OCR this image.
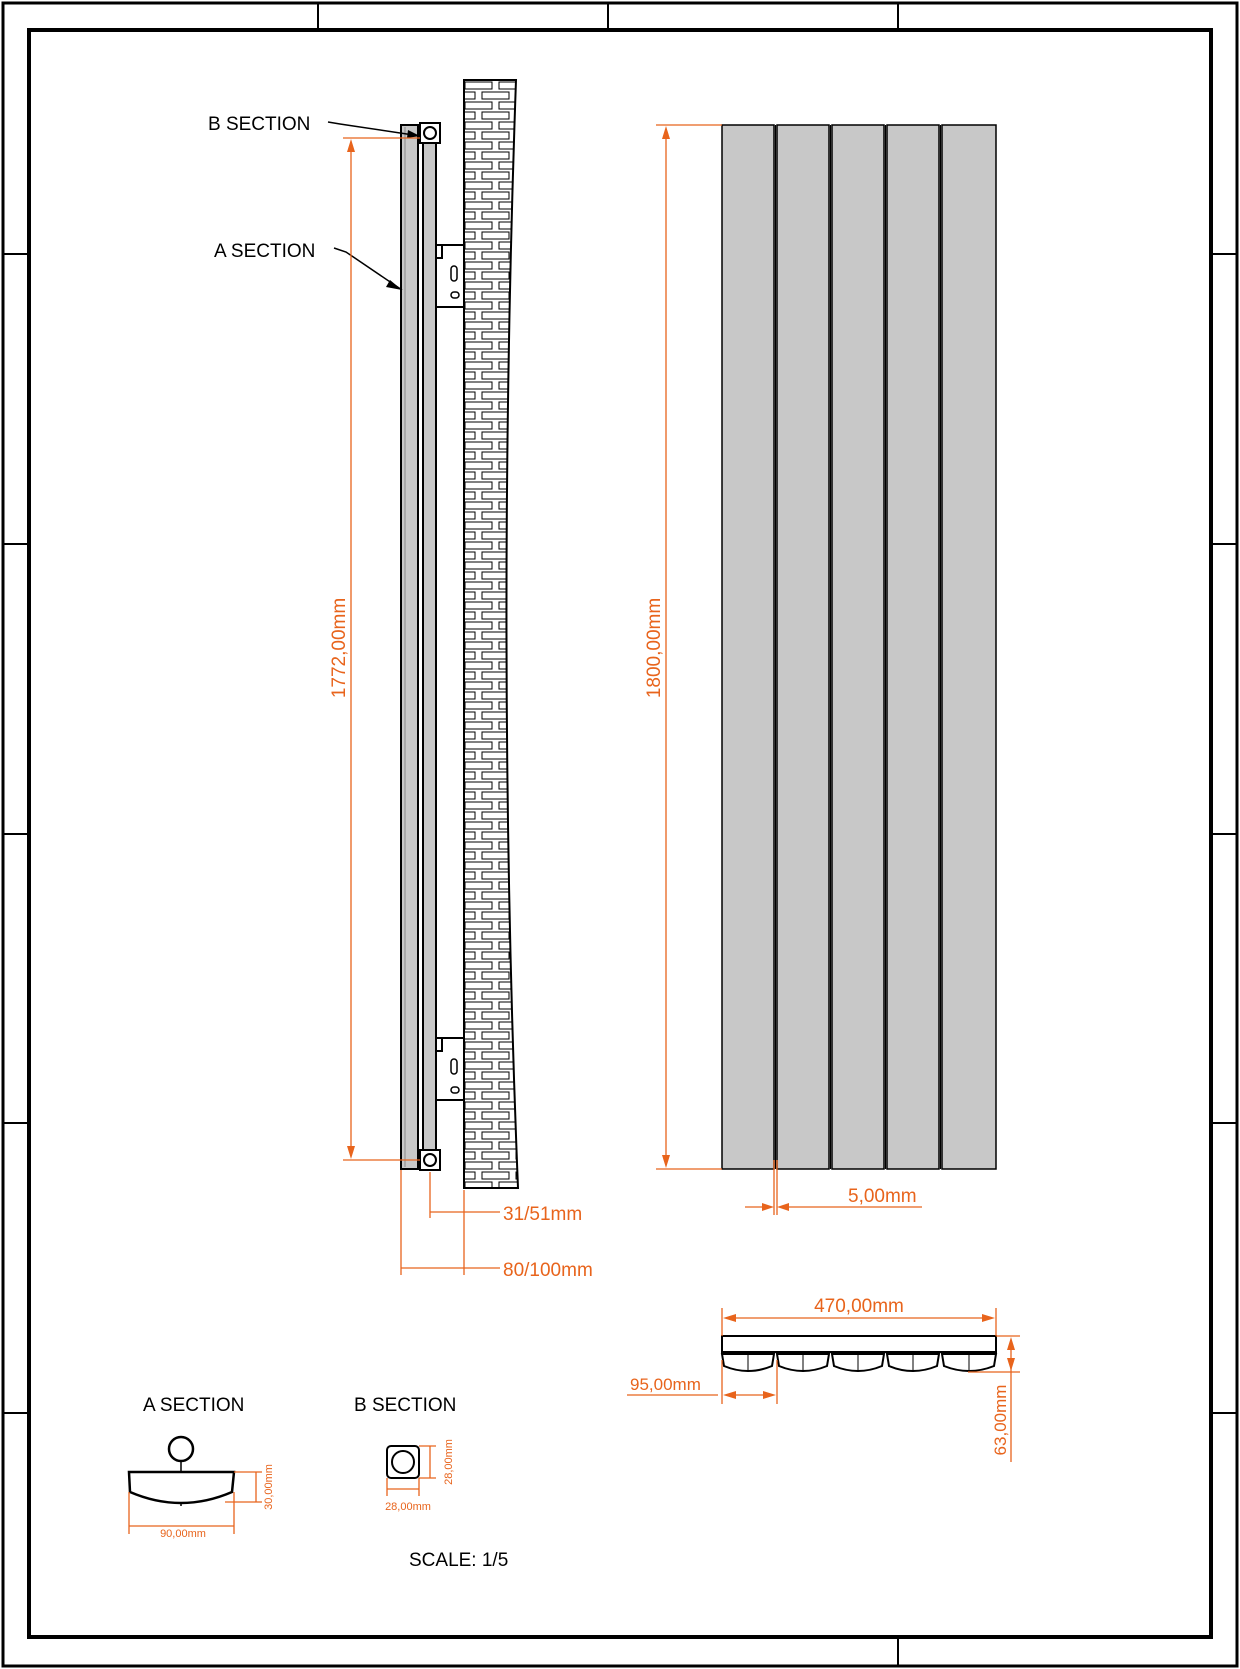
B SECTION
A SECTION
1772,00mm
31/51mm
80/100mm
1800,00mm
5,00mm
470,00mm
95,00mm
63,00mm
A SECTION
30,00mm
90,00mm
B SECTION
28,00mm
28,00mm
SCALE: 1/5
